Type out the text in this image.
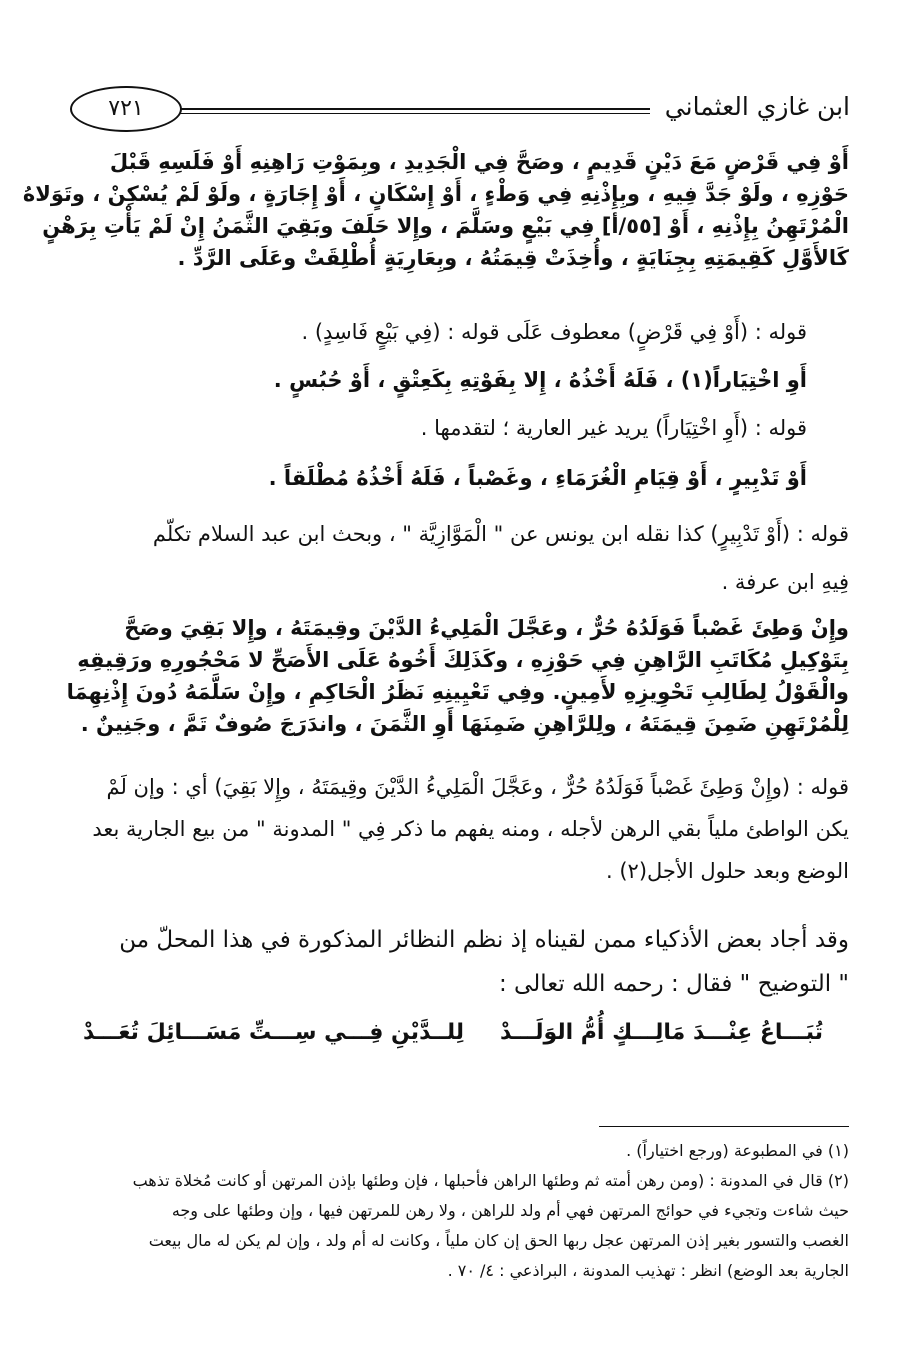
ابن غازي العثماني
٧٢١
أَوْ فِي قَرْضٍ مَعَ دَيْنٍ قَدِيمٍ ، وصَحَّ فِي الْجَدِيدِ ، وبِمَوْتِ رَاهِنِهِ أَوْ فَلَسِهِ قَبْلَ
حَوْزِهِ ، ولَوْ جَدَّ فِيهِ ، وبِإِذْنِهِ فِي وَطْءٍ ، أَوْ إِسْكَانٍ ، أَوْ إِجَارَةٍ ، ولَوْ لَمْ يُسْكِنْ ، وتَوَلاهُ
الْمُرْتَهِنُ بِإِذْنِهِ ، أَوْ [٥٥/أ] فِي بَيْعٍ وسَلَّمَ ، وإِلا حَلَفَ وبَقِيَ الثَّمَنُ إِنْ لَمْ يَأْتِ بِرَهْنٍ
كَالأَوَّلِ كَقِيمَتِهِ بِجِنَايَةٍ ، وأُخِذَتْ قِيمَتُهُ ، وبِعَارِيَةٍ أُطْلِقَتْ وعَلَى الرَّدِّ .
قوله : (أَوْ فِي قَرْضٍ) معطوف عَلَى قوله : (فِي بَيْعٍ فَاسِدٍ) .
أَوِ اخْتِيَاراً(١) ، فَلَهُ أَخْذُهُ ، إِلا بِفَوْتِهِ بِكَعِتْقٍ ، أَوْ حُبُسٍ .
قوله : (أَوِ اخْتِيَاراً) يريد غير العارية ؛ لتقدمها .
أَوْ تَدْبِيرٍ ، أَوْ قِيَامِ الْغُرَمَاءِ ، وغَصْباً ، فَلَهُ أَخْذُهُ مُطْلَقاً .
قوله : (أَوْ تَدْبِيرٍ) كذا نقله ابن يونس عن " الْمَوَّازِيَّة " ، وبحث ابن عبد السلام تكلّم
فِيهِ ابن عرفة .
وإِنْ وَطِئَ غَصْباً فَوَلَدُهُ حُرٌّ ، وعَجَّلَ الْمَلِيءُ الدَّيْنَ وقِيمَتَهُ ، وإِلا بَقِيَ وصَحَّ
بِتَوْكِيلِ مُكَاتَبِ الرَّاهِنِ فِي حَوْزِهِ ، وكَذَلِكَ أَخُوهُ عَلَى الأَصَحِّ لا مَحْجُورِهِ ورَقِيقِهِ
والْقَوْلُ لِطَالِبِ تَحْوِيزِهِ لأَمِينٍ. وفِي تَعْيِينِهِ نَظَرُ الْحَاكِمِ ، وإِنْ سَلَّمَهُ دُونَ إِذْنِهِمَا
لِلْمُرْتَهِنِ ضَمِنَ قِيمَتَهُ ، ولِلرَّاهِنِ ضَمِنَهَا أَوِ الثَّمَنَ ، واندَرَجَ صُوفٌ تَمَّ ، وجَنِينٌ .
قوله : (وإِنْ وَطِئَ غَصْباً فَوَلَدُهُ حُرٌّ ، وعَجَّلَ الْمَلِيءُ الدَّيْنَ وقِيمَتَهُ ، وإِلا بَقِيَ) أي : وإن لَمْ
يكن الواطئ ملياً بقي الرهن لأجله ، ومنه يفهم ما ذكر فِي " المدونة " من بيع الجارية بعد
الوضع وبعد حلول الأجل(٢) .
وقد أجاد بعض الأذكياء ممن لقيناه إذ نظم النظائر المذكورة في هذا المحلّ من
" التوضيح " فقال : رحمه الله تعالى :
تُبَـــاعُ عِنْـــدَ مَالِـــكٍ أُمُّ الوَلَـــدْ
لِلــدَّيْنِ فِـــي سِـــتِّ مَسَـــائِلَ تُعَـــدْ
(١) في المطبوعة (ورجع اختياراً) .
(٢) قال في المدونة : (ومن رهن أمته ثم وطئها الراهن فأحبلها ، فإن وطئها بإذن المرتهن أو كانت مُخلاة تذهب
حيث شاءت وتجيء في حوائج المرتهن فهي أم ولد للراهن ، ولا رهن للمرتهن فيها ، وإن وطئها على وجه
الغصب والتسور بغير إذن المرتهن عجل ربها الحق إن كان ملياً ، وكانت له أم ولد ، وإن لم يكن له مال بيعت
الجارية بعد الوضع) انظر : تهذيب المدونة ، البراذعي : ٤/ ٧٠ .
